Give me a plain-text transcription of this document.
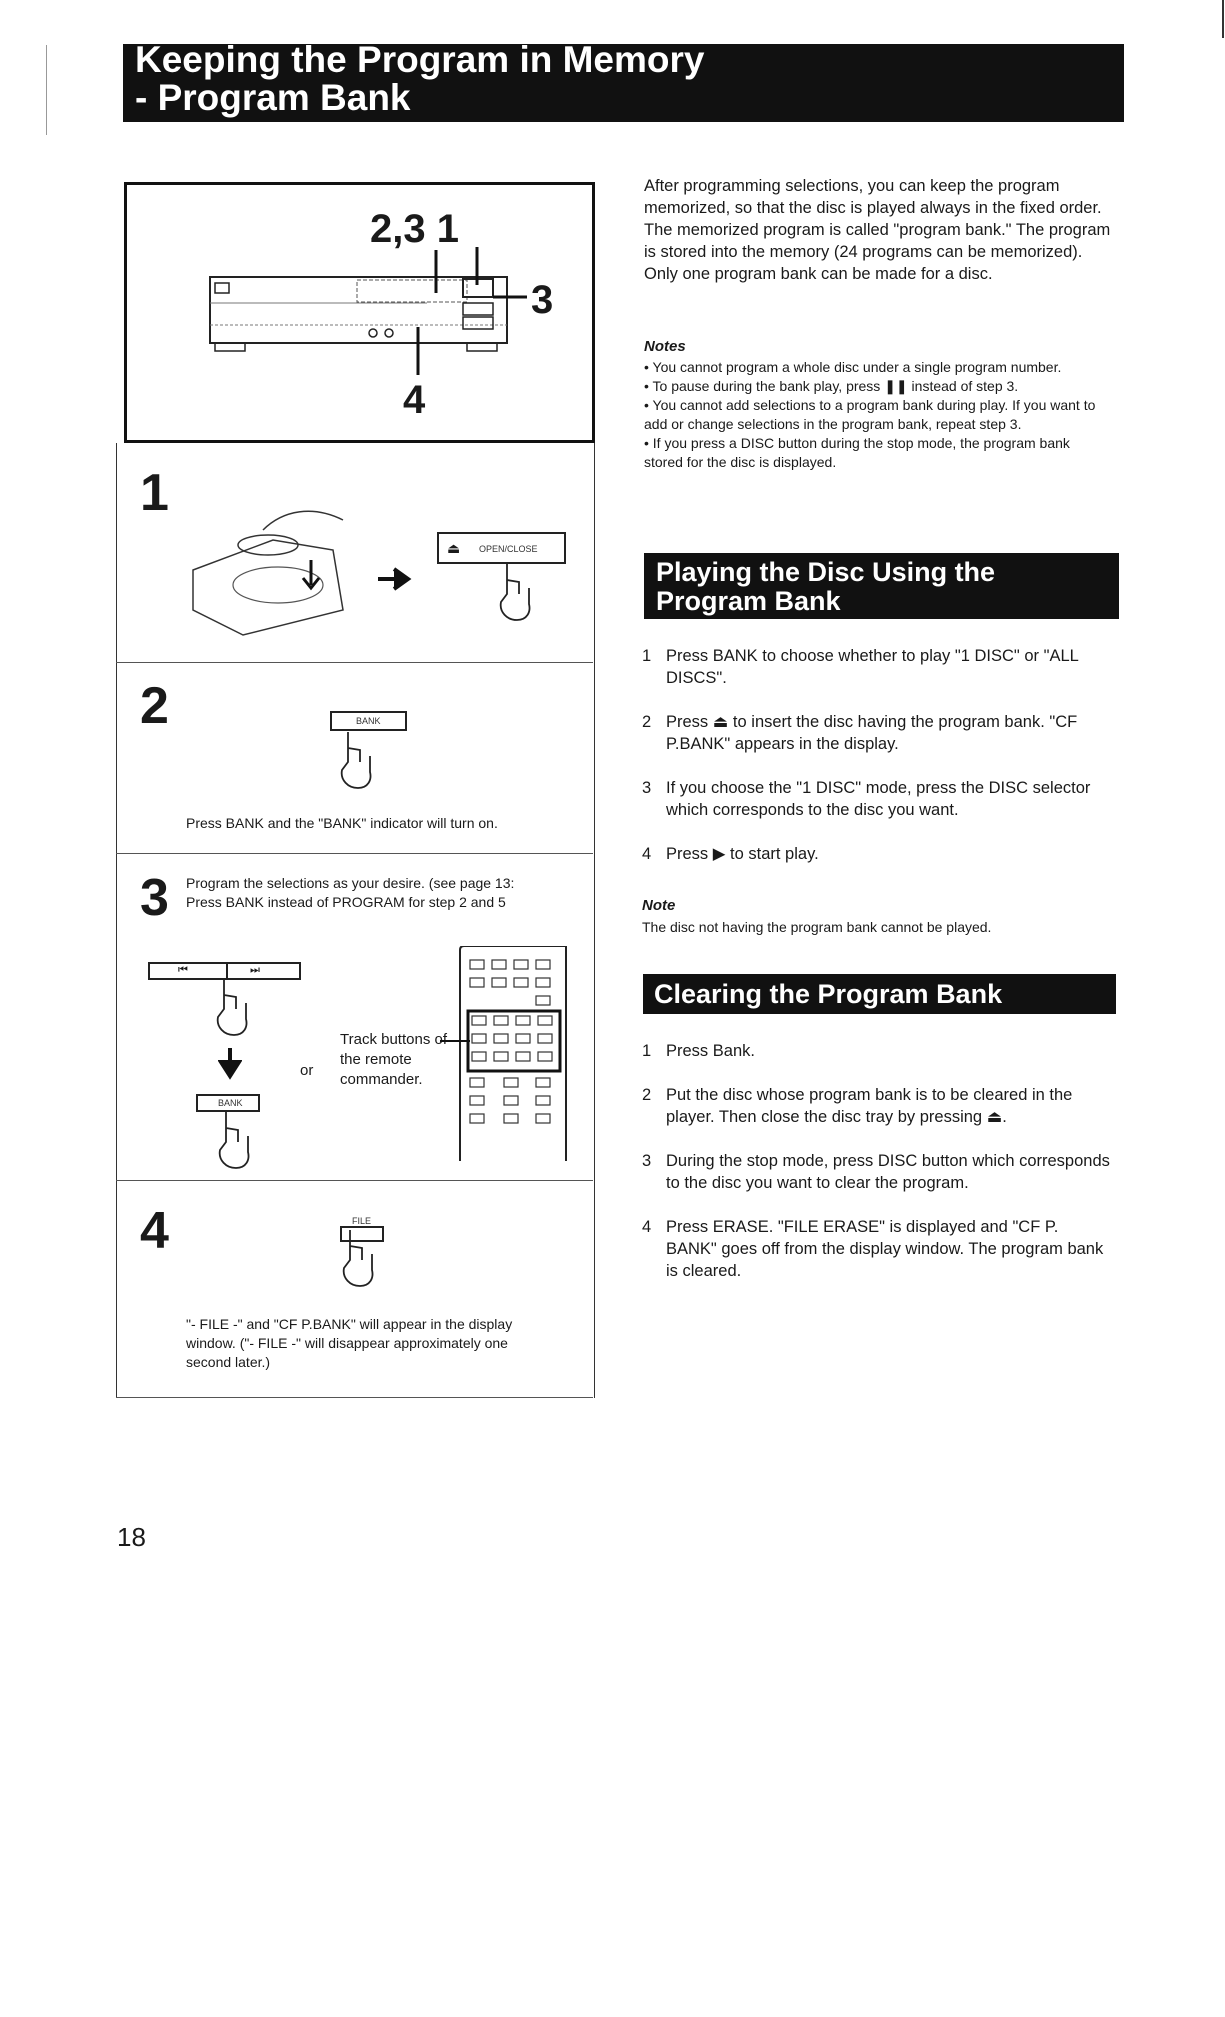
Keeping the Program in Memory
- Program Bank
2,3 1
3
4
1
⏏ OPEN/CLOSE
2	BANK
Press BANK and the "BANK" indicator will turn on.
3 Program the selections as your desire. (see page 13: Press BANK instead of PROGRAM for step 2 and 5
⏮	⏭
BANK
or
Track buttons of the remote commander.
4	FILE
"- FILE -" and "CF P.BANK" will appear in the display window. ("- FILE -" will disappear approximately one second later.)
After programming selections, you can keep the program memorized, so that the disc is played always in the fixed order. The memorized program is called "program bank." The program is stored into the memory (24 programs can be memorized). Only one program bank can be made for a disc.
Notes
• You cannot program a whole disc under a single program number.
• To pause during the bank play, press ❚❚ instead of step 3.
• You cannot add selections to a program bank during play. If you want to add or change selections in the program bank, repeat step 3.
• If you press a DISC button during the stop mode, the program bank stored for the disc is displayed.
Playing the Disc Using the
Program Bank
1 Press BANK to choose whether to play "1 DISC" or "ALL DISCS".
2 Press ⏏ to insert the disc having the program bank. "CF P.BANK" appears in the display.
3 If you choose the "1 DISC" mode, press the DISC selector which corresponds to the disc you want.
4 Press ▶ to start play.
Note
The disc not having the program bank cannot be played.
Clearing the Program Bank
1 Press Bank.
2 Put the disc whose program bank is to be cleared in the player. Then close the disc tray by pressing ⏏.
3 During the stop mode, press DISC button which corresponds to the disc you want to clear the program.
4 Press ERASE. "FILE ERASE" is displayed and "CF P. BANK" goes off from the display window. The program bank is cleared.
18
